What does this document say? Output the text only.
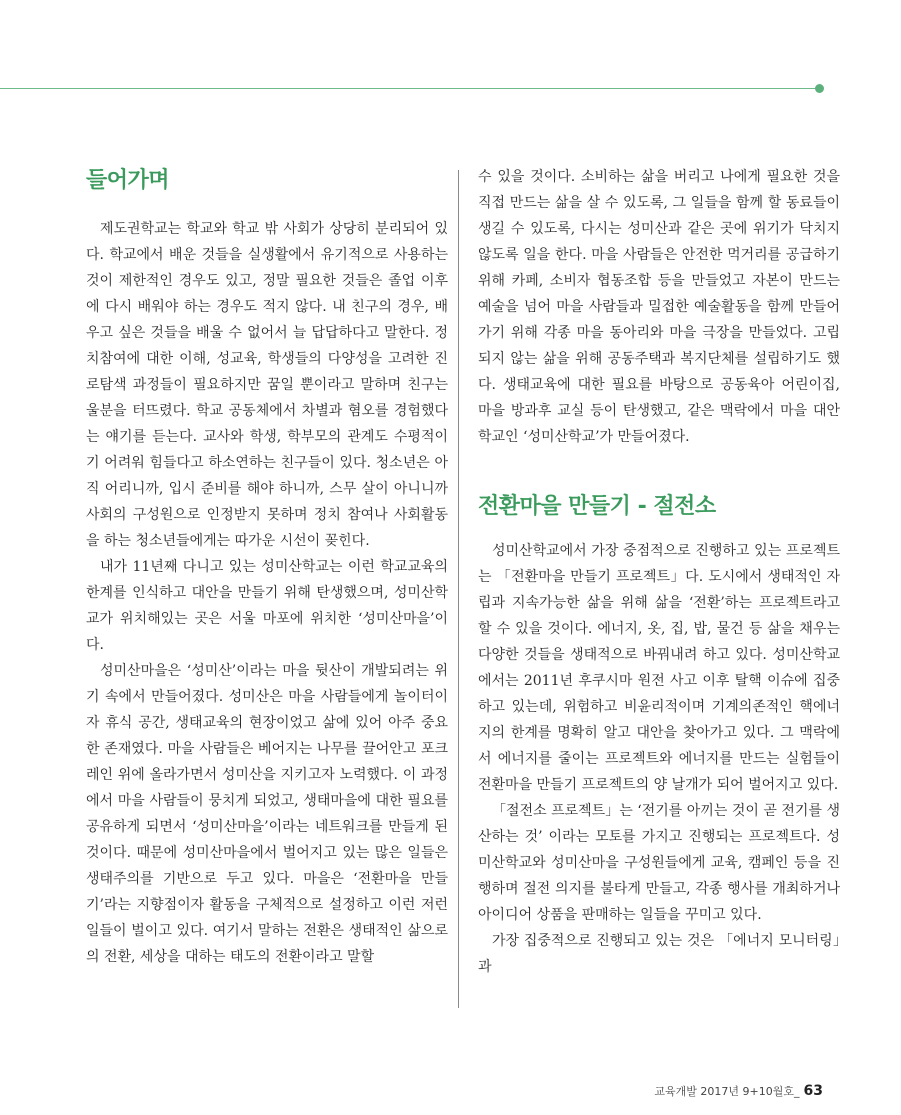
들어가며

제도권학교는 학교와 학교 밖 사회가 상당히 분리되어 있다. 학교에서 배운 것들을 실생활에서 유기적으로 사용하는 것이 제한적인 경우도 있고, 정말 필요한 것들은 졸업 이후에 다시 배워야 하는 경우도 적지 않다. 내 친구의 경우, 배우고 싶은 것들을 배울 수 없어서 늘 답답하다고 말한다. 정치참여에 대한 이해, 성교육, 학생들의 다양성을 고려한 진로탐색 과정들이 필요하지만 꿈일 뿐이라고 말하며 친구는 울분을 터뜨렸다. 학교 공동체에서 차별과 혐오를 경험했다는 얘기를 듣는다. 교사와 학생, 학부모의 관계도 수평적이기 어려워 힘들다고 하소연하는 친구들이 있다. 청소년은 아직 어리니까, 입시 준비를 해야 하니까, 스무 살이 아니니까 사회의 구성원으로 인정받지 못하며 정치 참여나 사회활동을 하는 청소년들에게는 따가운 시선이 꽂힌다.

내가 11년째 다니고 있는 성미산학교는 이런 학교교육의 한계를 인식하고 대안을 만들기 위해 탄생했으며, 성미산학교가 위치해있는 곳은 서울 마포에 위치한 ‘성미산마을’이다.

성미산마을은 ‘성미산’이라는 마을 뒷산이 개발되려는 위기 속에서 만들어졌다. 성미산은 마을 사람들에게 놀이터이자 휴식 공간, 생태교육의 현장이었고 삶에 있어 아주 중요한 존재였다. 마을 사람들은 베어지는 나무를 끌어안고 포크레인 위에 올라가면서 성미산을 지키고자 노력했다. 이 과정에서 마을 사람들이 뭉치게 되었고, 생태마을에 대한 필요를 공유하게 되면서 ‘성미산마을’이라는 네트워크를 만들게 된 것이다. 때문에 성미산마을에서 벌어지고 있는 많은 일들은 생태주의를 기반으로 두고 있다. 마을은 ‘전환마을 만들기’라는 지향점이자 활동을 구체적으로 설정하고 이런 저런 일들이 벌이고 있다. 여기서 말하는 전환은 생태적인 삶으로의 전환, 세상을 대하는 태도의 전환이라고 말할

수 있을 것이다. 소비하는 삶을 버리고 나에게 필요한 것을 직접 만드는 삶을 살 수 있도록, 그 일들을 함께 할 동료들이 생길 수 있도록, 다시는 성미산과 같은 곳에 위기가 닥치지 않도록 일을 한다. 마을 사람들은 안전한 먹거리를 공급하기 위해 카페, 소비자 협동조합 등을 만들었고 자본이 만드는 예술을 넘어 마을 사람들과 밀접한 예술활동을 함께 만들어가기 위해 각종 마을 동아리와 마을 극장을 만들었다. 고립되지 않는 삶을 위해 공동주택과 복지단체를 설립하기도 했다. 생태교육에 대한 필요를 바탕으로 공동육아 어린이집, 마을 방과후 교실 등이 탄생했고, 같은 맥락에서 마을 대안학교인 ‘성미산학교’가 만들어졌다.

전환마을 만들기 - 절전소

성미산학교에서 가장 중점적으로 진행하고 있는 프로젝트는 「전환마을 만들기 프로젝트」다. 도시에서 생태적인 자립과 지속가능한 삶을 위해 삶을 ‘전환’하는 프로젝트라고 할 수 있을 것이다. 에너지, 옷, 집, 밥, 물건 등 삶을 채우는 다양한 것들을 생태적으로 바꿔내려 하고 있다. 성미산학교에서는 2011년 후쿠시마 원전 사고 이후 탈핵 이슈에 집중하고 있는데, 위험하고 비윤리적이며 기계의존적인 핵에너지의 한계를 명확히 알고 대안을 찾아가고 있다. 그 맥락에서 에너지를 줄이는 프로젝트와 에너지를 만드는 실험들이 전환마을 만들기 프로젝트의 양 날개가 되어 벌어지고 있다.

「절전소 프로젝트」는 ‘전기를 아끼는 것이 곧 전기를 생산하는 것’ 이라는 모토를 가지고 진행되는 프로젝트다. 성미산학교와 성미산마을 구성원들에게 교육, 캠페인 등을 진행하며 절전 의지를 불타게 만들고, 각종 행사를 개최하거나 아이디어 상품을 판매하는 일들을 꾸미고 있다.

가장 집중적으로 진행되고 있는 것은 「에너지 모니터링」과

교육개발 2017년 9+10월호_ 63
